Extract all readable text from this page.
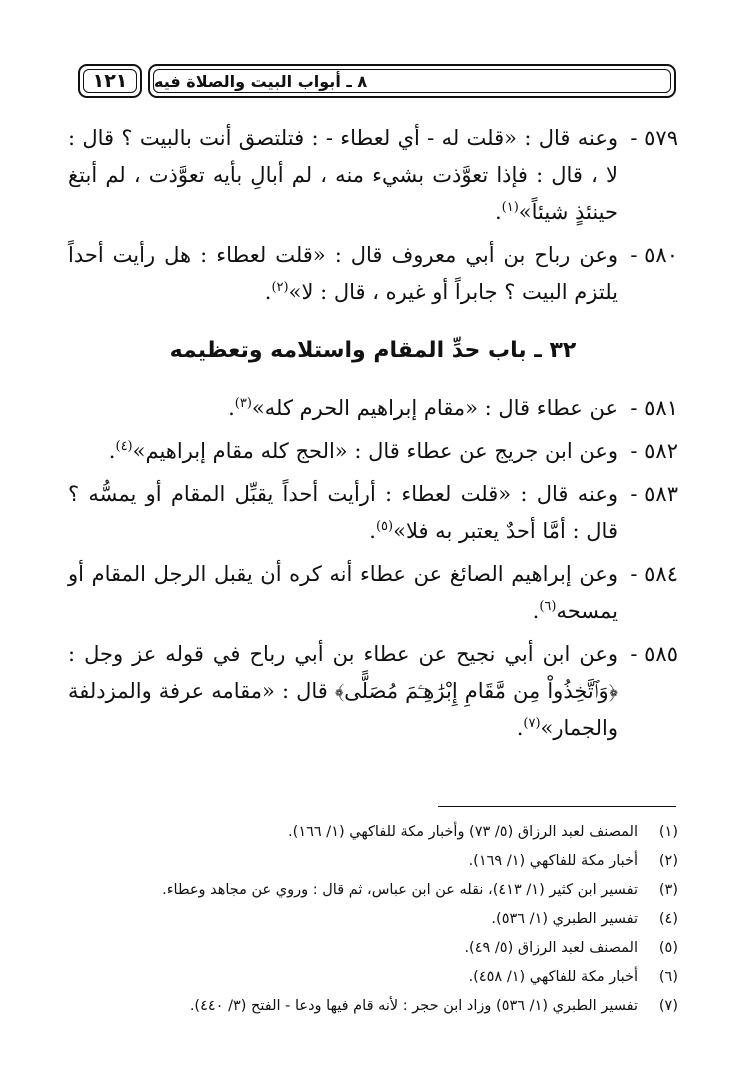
١٢١	٨ ـ أبواب البيت والصلاة فيه
٥٧٩ -
وعنه قال : «قلت له - أي لعطاء - : فتلتصق أنت بالبيت ؟ قال : لا ، قال : فإذا تعوَّذت بشيء منه ، لم أبالِ بأيه تعوَّذت ، لم أبتغ حينئذٍ شيئاً»$^{(١)}$.
٥٨٠ -
وعن رباح بن أبي معروف قال : «قلت لعطاء : هل رأيت أحداً يلتزم البيت ؟ جابراً أو غيره ، قال : لا»$^{(٢)}$.
٣٢ ـ باب حدِّ المقام واستلامه وتعظيمه
٥٨١ -
عن عطاء قال : «مقام إبراهيم الحرم كله»$^{(٣)}$.
٥٨٢ -
وعن ابن جريج عن عطاء قال : «الحج كله مقام إبراهيم»$^{(٤)}$.
٥٨٣ -
وعنه قال : «قلت لعطاء : أرأيت أحداً يقبِّل المقام أو يمسُّه ؟ قال : أمَّا أحدٌ يعتبر به فلا»$^{(٥)}$.
٥٨٤ -
وعن إبراهيم الصائغ عن عطاء أنه كره أن يقبل الرجل المقام أو يمسحه$^{(٦)}$.
٥٨٥ -
وعن ابن أبي نجيح عن عطاء بن أبي رباح في قوله عز وجل : ﴿وَٱتَّخِذُواْ مِن مَّقَامِ إِبْرَٰهِـۧمَ مُصَلًّى﴾ قال : «مقامه عرفة والمزدلفة والجمار»$^{(٧)}$.
(١)
المصنف لعبد الرزاق (٥/ ٧٣) وأخبار مكة للفاكهي (١/ ١٦٦).
(٢)
أخبار مكة للفاكهي (١/ ١٦٩).
(٣)
تفسير ابن كثير (١/ ٤١٣)، نقله عن ابن عباس، ثم قال : وروي عن مجاهد وعطاء.
(٤)
تفسير الطبري (١/ ٥٣٦).
(٥)
المصنف لعبد الرزاق (٥/ ٤٩).
(٦)
أخبار مكة للفاكهي (١/ ٤٥٨).
(٧)
تفسير الطبري (١/ ٥٣٦) وزاد ابن حجر : لأنه قام فيها ودعا - الفتح (٣/ ٤٤٠).
